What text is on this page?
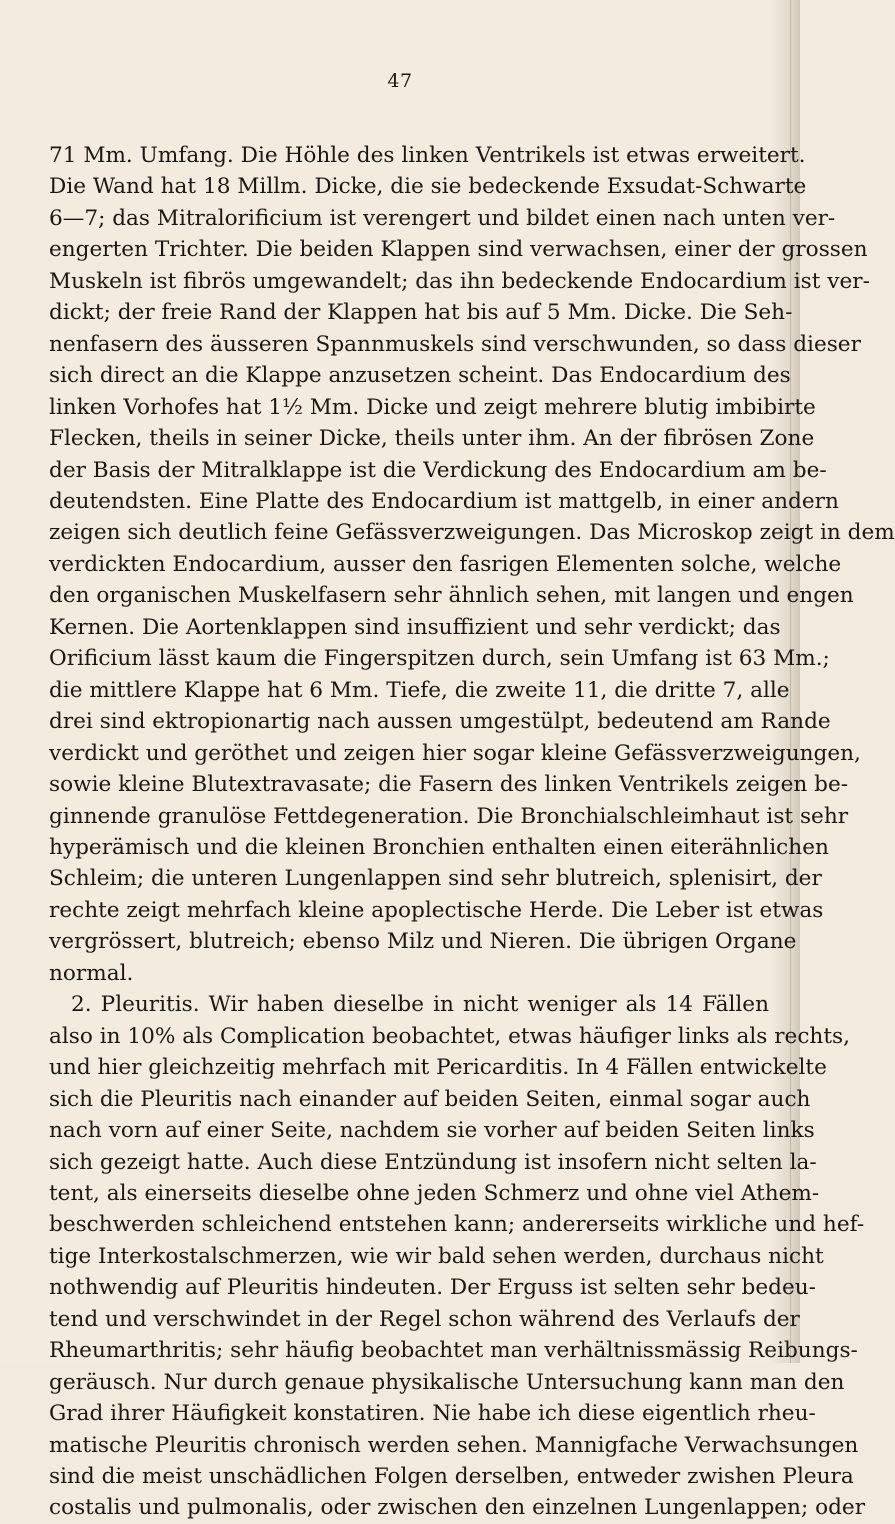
47
71 Mm. Umfang. Die Höhle des linken Ventrikels ist etwas erweitert.
Die Wand hat 18 Millm. Dicke, die sie bedeckende Exsudat-Schwarte
6—7; das Mitralorificium ist verengert und bildet einen nach unten ver-
engerten Trichter. Die beiden Klappen sind verwachsen, einer der grossen
Muskeln ist fibrös umgewandelt; das ihn bedeckende Endocardium ist ver-
dickt; der freie Rand der Klappen hat bis auf 5 Mm. Dicke. Die Seh-
nenfasern des äusseren Spannmuskels sind verschwunden, so dass dieser
sich direct an die Klappe anzusetzen scheint. Das Endocardium des
linken Vorhofes hat 1½ Mm. Dicke und zeigt mehrere blutig imbibirte
Flecken, theils in seiner Dicke, theils unter ihm. An der fibrösen Zone
der Basis der Mitralklappe ist die Verdickung des Endocardium am be-
deutendsten. Eine Platte des Endocardium ist mattgelb, in einer andern
zeigen sich deutlich feine Gefässverzweigungen. Das Microskop zeigt in dem
verdickten Endocardium, ausser den fasrigen Elementen solche, welche
den organischen Muskelfasern sehr ähnlich sehen, mit langen und engen
Kernen. Die Aortenklappen sind insuffizient und sehr verdickt; das
Orificium lässt kaum die Fingerspitzen durch, sein Umfang ist 63 Mm.;
die mittlere Klappe hat 6 Mm. Tiefe, die zweite 11, die dritte 7, alle
drei sind ektropionartig nach aussen umgestülpt, bedeutend am Rande
verdickt und geröthet und zeigen hier sogar kleine Gefässverzweigungen,
sowie kleine Blutextravasate; die Fasern des linken Ventrikels zeigen be-
ginnende granulöse Fettdegeneration. Die Bronchialschleimhaut ist sehr
hyperämisch und die kleinen Bronchien enthalten einen eiterähnlichen
Schleim; die unteren Lungenlappen sind sehr blutreich, splenisirt, der
rechte zeigt mehrfach kleine apoplectische Herde. Die Leber ist etwas
vergrössert, blutreich; ebenso Milz und Nieren. Die übrigen Organe
normal.
2. Pleuritis. Wir haben dieselbe in nicht weniger als 14 Fällen
also in 10% als Complication beobachtet, etwas häufiger links als rechts,
und hier gleichzeitig mehrfach mit Pericarditis. In 4 Fällen entwickelte
sich die Pleuritis nach einander auf beiden Seiten, einmal sogar auch
nach vorn auf einer Seite, nachdem sie vorher auf beiden Seiten links
sich gezeigt hatte. Auch diese Entzündung ist insofern nicht selten la-
tent, als einerseits dieselbe ohne jeden Schmerz und ohne viel Athem-
beschwerden schleichend entstehen kann; andererseits wirkliche und hef-
tige Interkostalschmerzen, wie wir bald sehen werden, durchaus nicht
nothwendig auf Pleuritis hindeuten. Der Erguss ist selten sehr bedeu-
tend und verschwindet in der Regel schon während des Verlaufs der
Rheumarthritis; sehr häufig beobachtet man verhältnissmässig Reibungs-
geräusch. Nur durch genaue physikalische Untersuchung kann man den
Grad ihrer Häufigkeit konstatiren. Nie habe ich diese eigentlich rheu-
matische Pleuritis chronisch werden sehen. Mannigfache Verwachsungen
sind die meist unschädlichen Folgen derselben, entweder zwishen Pleura
costalis und pulmonalis, oder zwischen den einzelnen Lungenlappen; oder
